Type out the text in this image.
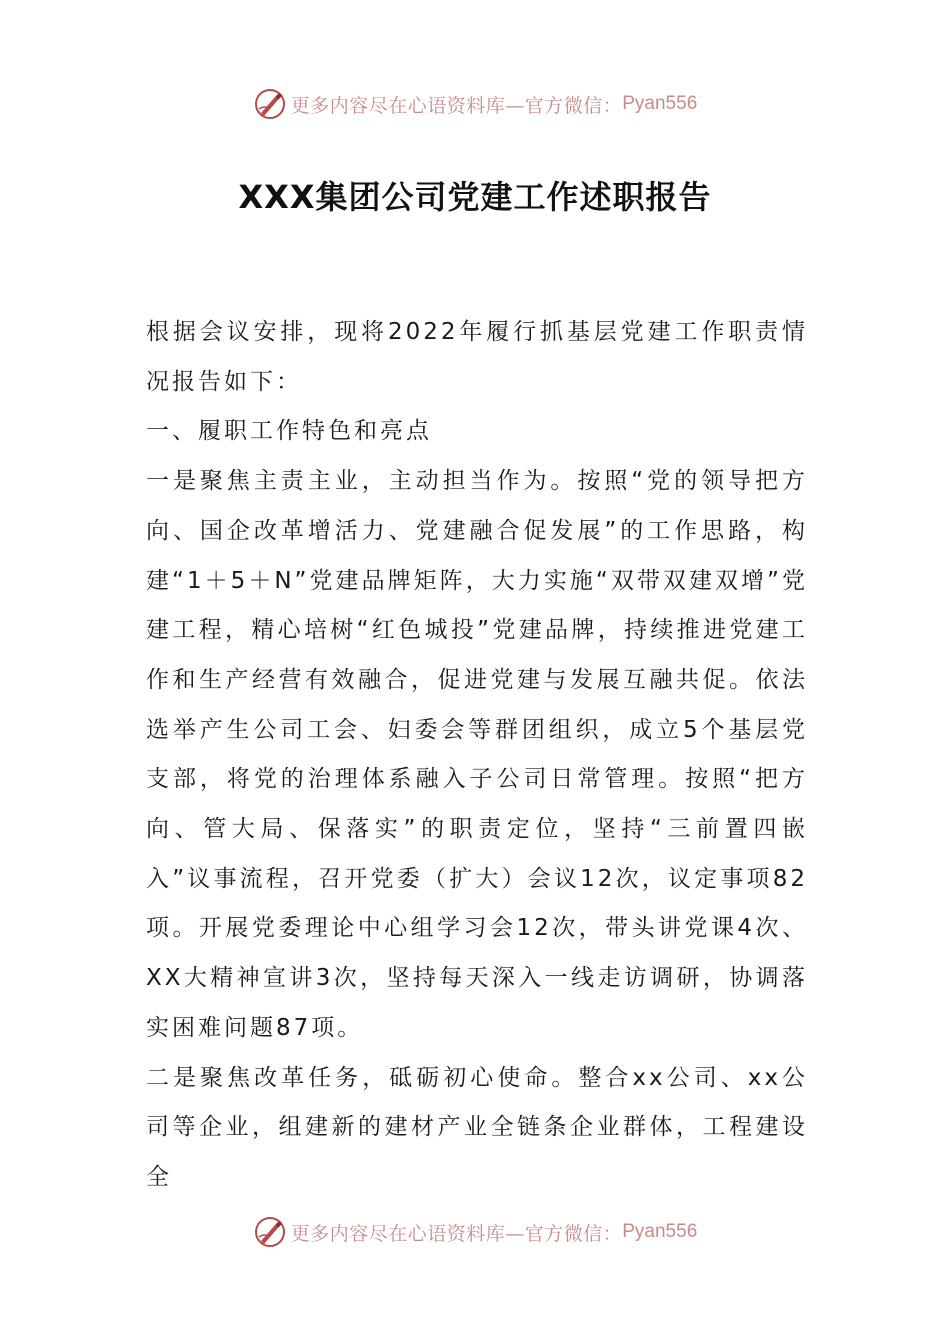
更多内容尽在心语资料库—官方微信： Pyan556
XXX集团公司党建工作述职报告

根据会议安排，现将2022年履行抓基层党建工作职责情况报告如下：

一、履职工作特色和亮点

一是聚焦主责主业，主动担当作为。按照“党的领导把方向、国企改革增活力、党建融合促发展”的工作思路，构建“1＋5＋N”党建品牌矩阵，大力实施“双带双建双增”党建工程，精心培树“红色城投”党建品牌，持续推进党建工作和生产经营有效融合，促进党建与发展互融共促。依法选举产生公司工会、妇委会等群团组织，成立5个基层党支部，将党的治理体系融入子公司日常管理。按照“把方向、管大局、保落实”的职责定位，坚持“三前置四嵌入”议事流程，召开党委（扩大）会议12次，议定事项82项。开展党委理论中心组学习会12次，带头讲党课4次、XX大精神宣讲3次，坚持每天深入一线走访调研，协调落实困难问题87项。

二是聚焦改革任务，砥砺初心使命。整合xx公司、xx公司等企业，组建新的建材产业全链条企业群体，工程建设全

更多内容尽在心语资料库—官方微信： Pyan556
